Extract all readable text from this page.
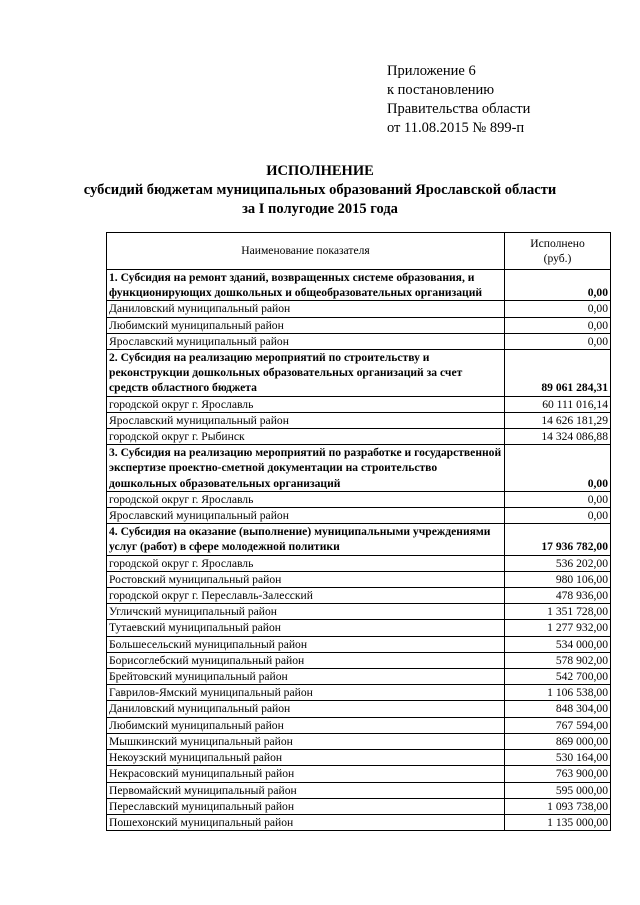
Приложение 6
к постановлению
Правительства области
от 11.08.2015 № 899-п
ИСПОЛНЕНИЕ
субсидий бюджетам муниципальных образований Ярославской области
за I полугодие 2015 года
Наименование показателя	Исполнено
(руб.)

1. Субсидия на ремонт зданий, возвращенных системе образования, и функционирующих дошкольных и общеобразовательных организаций	0,00
Даниловский муниципальный район	0,00
Любимский муниципальный район	0,00
Ярославский муниципальный район	0,00
2. Субсидия на реализацию мероприятий по строительству и реконструкции дошкольных образовательных организаций за счет средств областного бюджета	89 061 284,31
городской округ г. Ярославль	60 111 016,14
Ярославский муниципальный район	14 626 181,29
городской округ г. Рыбинск	14 324 086,88
3. Субсидия на реализацию мероприятий по разработке и государственной экспертизе проектно-сметной документации на строительство дошкольных образовательных организаций	0,00
городской округ г. Ярославль	0,00
Ярославский муниципальный район	0,00
4. Субсидия на оказание (выполнение) муниципальными учреждениями услуг (работ) в сфере молодежной политики	17 936 782,00
городской округ г. Ярославль	536 202,00
Ростовский муниципальный район	980 106,00
городской округ г. Переславль-Залесский	478 936,00
Угличский муниципальный район	1 351 728,00
Тутаевский муниципальный район	1 277 932,00
Большесельский муниципальный район	534 000,00
Борисоглебский муниципальный район	578 902,00
Брейтовский муниципальный район	542 700,00
Гаврилов-Ямский муниципальный район	1 106 538,00
Даниловский муниципальный район	848 304,00
Любимский муниципальный район	767 594,00
Мышкинский муниципальный район	869 000,00
Некоузский муниципальный район	530 164,00
Некрасовский муниципальный район	763 900,00
Первомайский муниципальный район	595 000,00
Переславский муниципальный район	1 093 738,00
Пошехонский муниципальный район	1 135 000,00
